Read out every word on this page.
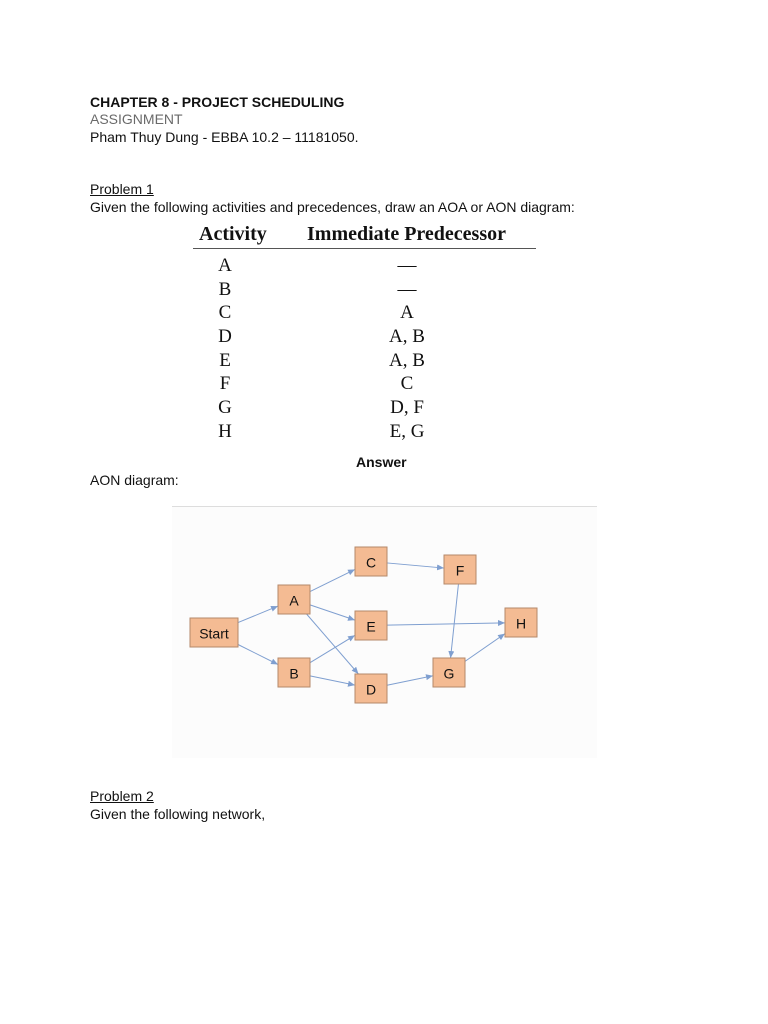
CHAPTER 8 - PROJECT SCHEDULING
ASSIGNMENT
Pham Thuy Dung - EBBA 10.2 – 11181050.
Problem 1
Given the following activities and precedences, draw an AOA or AON diagram:
Activity Immediate Predecessor
A	—
B	—
C	A
D	A, B
E	A, B
F	C
G	D, F
H	E, G
Answer
AON diagram:
Start
A
B
C
D
E
F
G
H
Problem 2
Given the following network,
